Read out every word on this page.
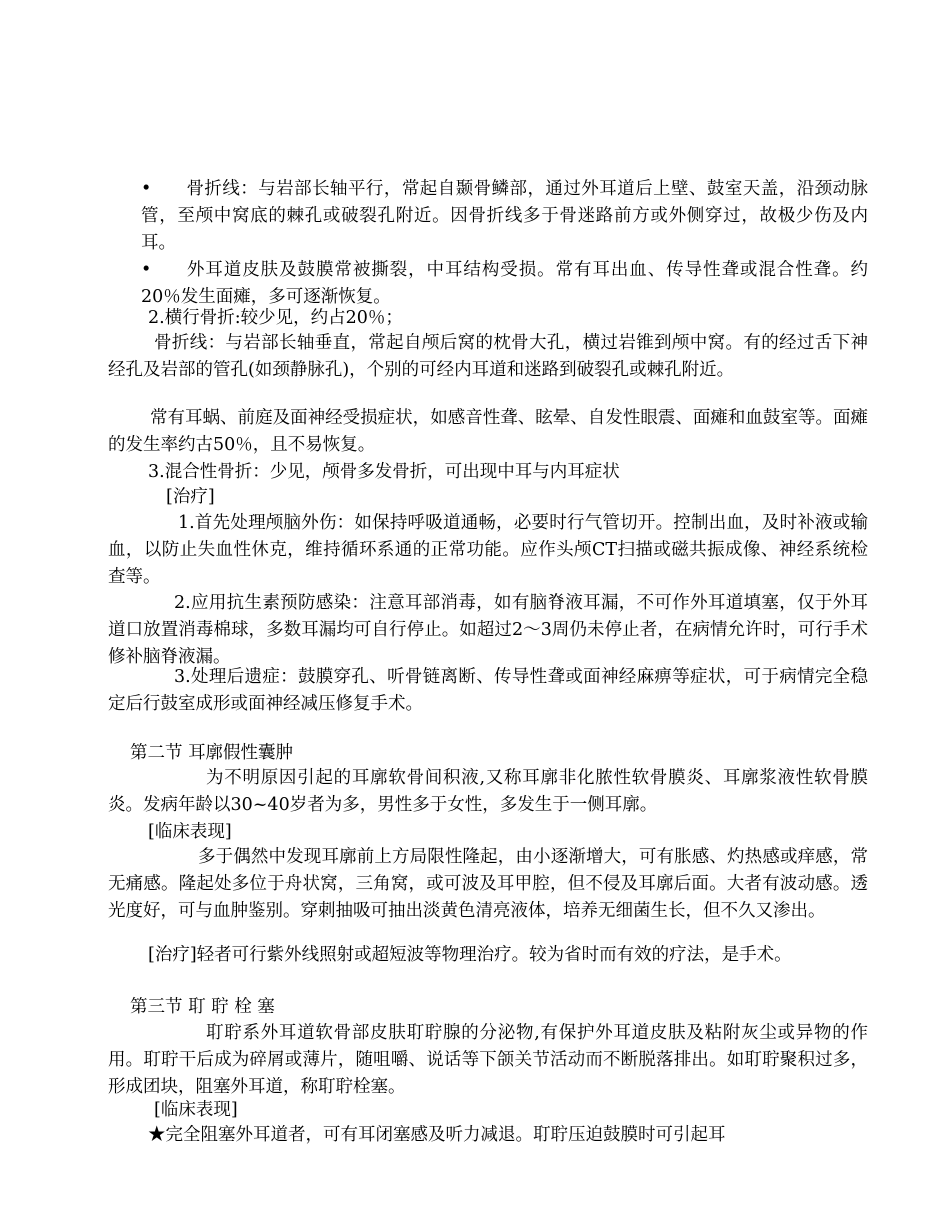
• 骨折线：与岩部长轴平行，常起自颞骨鳞部，通过外耳道后上壁、鼓室天盖，沿颈动脉管，至颅中窝底的棘孔或破裂孔附近。因骨折线多于骨迷路前方或外侧穿过，故极少伤及内耳。

• 外耳道皮肤及鼓膜常被撕裂，中耳结构受损。常有耳出血、传导性聋或混合性聋。约20％发生面瘫，多可逐渐恢复。

2.横行骨折:较少见，约占20％；

骨折线：与岩部长轴垂直，常起自颅后窝的枕骨大孔，横过岩锥到颅中窝。有的经过舌下神经孔及岩部的管孔(如颈静脉孔)，个别的可经内耳道和迷路到破裂孔或棘孔附近。

常有耳蜗、前庭及面神经受损症状，如感音性聋、眩晕、自发性眼震、面瘫和血鼓室等。面瘫的发生率约古50％，且不易恢复。

3.混合性骨折：少见，颅骨多发骨折，可出现中耳与内耳症状

[治疗]

1.首先处理颅脑外伤：如保持呼吸道通畅，必要时行气管切开。控制出血，及时补液或输血，以防止失血性休克，维持循环系通的正常功能。应作头颅CT扫描或磁共振成像、神经系统检查等。

2.应用抗生素预防感染：注意耳部消毒，如有脑脊液耳漏，不可作外耳道填塞，仅于外耳道口放置消毒棉球，多数耳漏均可自行停止。如超过2～3周仍未停止者，在病情允许时，可行手术修补脑脊液漏。

3.处理后遗症：鼓膜穿孔、听骨链离断、传导性聋或面神经麻痹等症状，可于病情完全稳定后行鼓室成形或面神经减压修复手术。

第二节 耳廓假性囊肿

为不明原因引起的耳廓软骨间积液,又称耳廓非化脓性软骨膜炎、耳廓浆液性软骨膜炎。发病年龄以30~40岁者为多，男性多于女性，多发生于一侧耳廓。

[临床表现]

多于偶然中发现耳廓前上方局限性隆起，由小逐渐增大，可有胀感、灼热感或痒感，常无痛感。隆起处多位于舟状窝，三角窝，或可波及耳甲腔，但不侵及耳廓后面。大者有波动感。透光度好，可与血肿鉴别。穿刺抽吸可抽出淡黄色清亮液体，培养无细菌生长，但不久又渗出。

[治疗]轻者可行紫外线照射或超短波等物理治疗。较为省时而有效的疗法，是手术。

第三节 耵 聍 栓 塞

耵聍系外耳道软骨部皮肤耵聍腺的分泌物,有保护外耳道皮肤及粘附灰尘或异物的作用。耵聍干后成为碎屑或薄片，随咀嚼、说话等下颌关节活动而不断脱落排出。如耵聍聚积过多，形成团块，阻塞外耳道，称耵聍栓塞。

[临床表现]

★完全阻塞外耳道者，可有耳闭塞感及听力减退。耵聍压迫鼓膜时可引起耳
